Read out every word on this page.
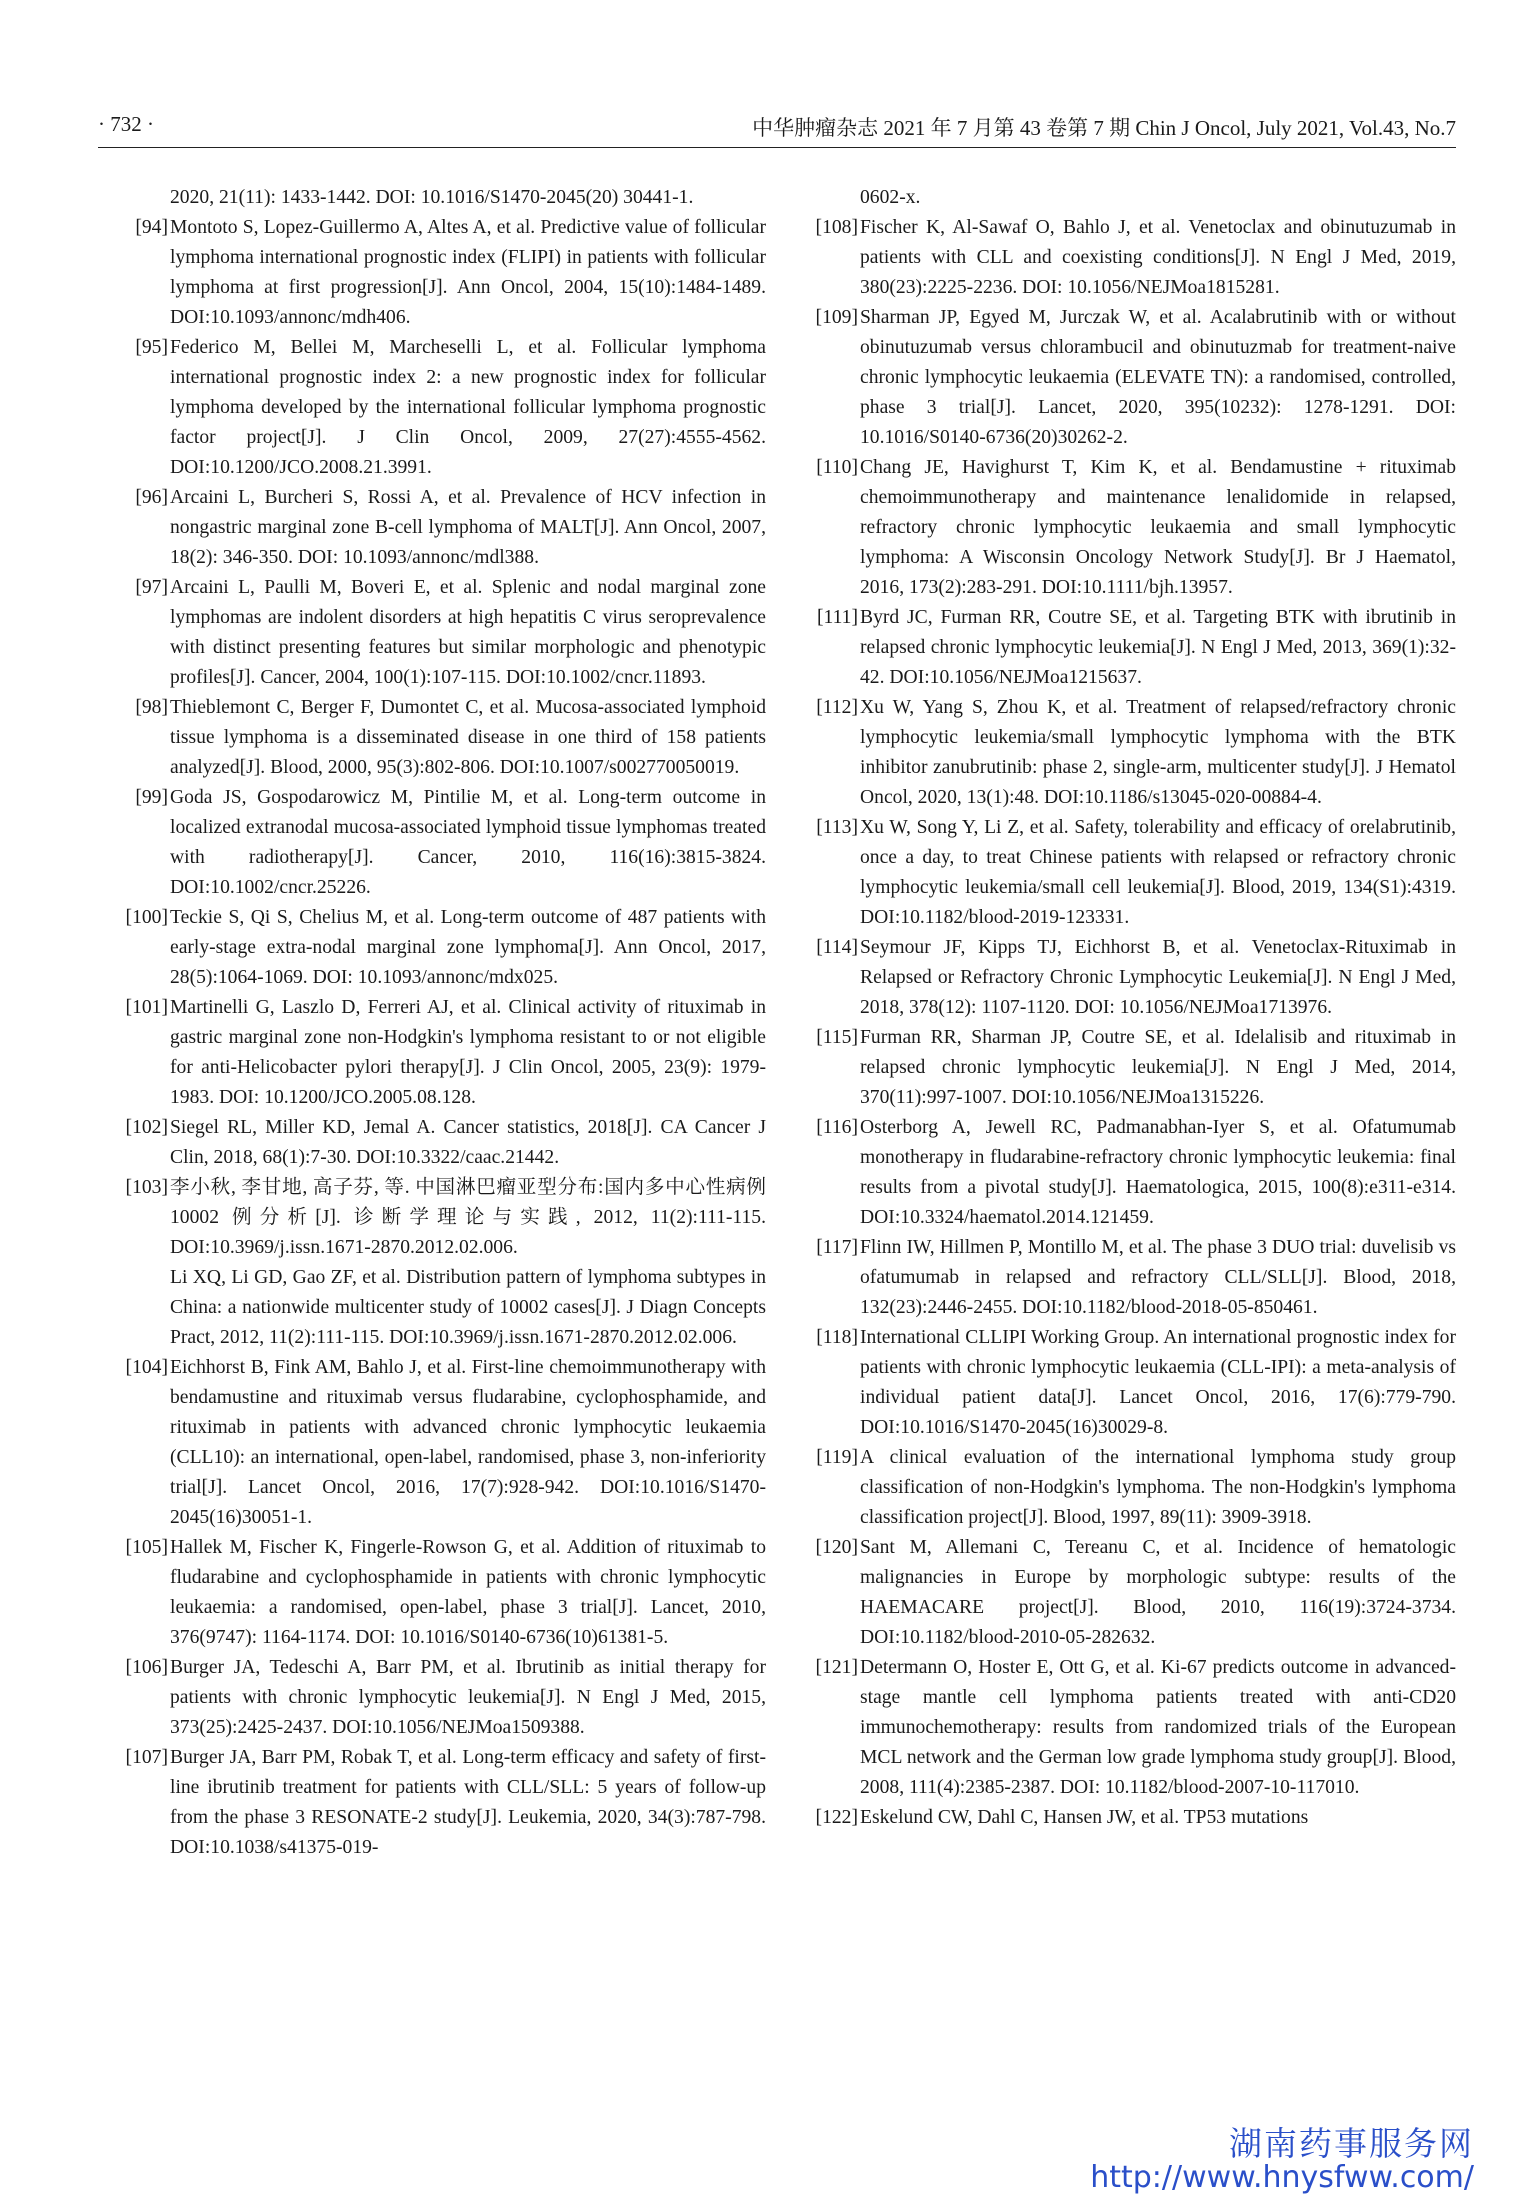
· 732 ·	中华肿瘤杂志 2021 年 7 月第 43 卷第 7 期 Chin J Oncol, July 2021, Vol.43, No.7

2020, 21(11): 1433-1442. DOI: 10.1016/S1470-2045(20) 30441-1.

[94] Montoto S, Lopez-Guillermo A, Altes A, et al. Predictive value of follicular lymphoma international prognostic index (FLIPI) in patients with follicular lymphoma at first progression[J]. Ann Oncol, 2004, 15(10):1484-1489. DOI:10.1093/annonc/mdh406.

[95] Federico M, Bellei M, Marcheselli L, et al. Follicular lymphoma international prognostic index 2: a new prognostic index for follicular lymphoma developed by the international follicular lymphoma prognostic factor project[J]. J Clin Oncol, 2009, 27(27):4555-4562. DOI:10.1200/JCO.2008.21.3991.

[96] Arcaini L, Burcheri S, Rossi A, et al. Prevalence of HCV infection in nongastric marginal zone B-cell lymphoma of MALT[J]. Ann Oncol, 2007, 18(2): 346-350. DOI: 10.1093/annonc/mdl388.

[97] Arcaini L, Paulli M, Boveri E, et al. Splenic and nodal marginal zone lymphomas are indolent disorders at high hepatitis C virus seroprevalence with distinct presenting features but similar morphologic and phenotypic profiles[J]. Cancer, 2004, 100(1):107-115. DOI:10.1002/cncr.11893.

[98] Thieblemont C, Berger F, Dumontet C, et al. Mucosa-associated lymphoid tissue lymphoma is a disseminated disease in one third of 158 patients analyzed[J]. Blood, 2000, 95(3):802-806. DOI:10.1007/s002770050019.

[99] Goda JS, Gospodarowicz M, Pintilie M, et al. Long-term outcome in localized extranodal mucosa-associated lymphoid tissue lymphomas treated with radiotherapy[J]. Cancer, 2010, 116(16):3815-3824. DOI:10.1002/cncr.25226.

[100] Teckie S, Qi S, Chelius M, et al. Long-term outcome of 487 patients with early-stage extra-nodal marginal zone lymphoma[J]. Ann Oncol, 2017, 28(5):1064-1069. DOI: 10.1093/annonc/mdx025.

[101] Martinelli G, Laszlo D, Ferreri AJ, et al. Clinical activity of rituximab in gastric marginal zone non-Hodgkin's lymphoma resistant to or not eligible for anti-Helicobacter pylori therapy[J]. J Clin Oncol, 2005, 23(9): 1979-1983. DOI: 10.1200/JCO.2005.08.128.

[102] Siegel RL, Miller KD, Jemal A. Cancer statistics, 2018[J]. CA Cancer J Clin, 2018, 68(1):7-30. DOI:10.3322/caac.21442.

[103] 李小秋, 李甘地, 高子芬, 等. 中国淋巴瘤亚型分布:国内多中心性病例 10002 例分析[J]. 诊断学理论与实践, 2012, 11(2):111-115. DOI:10.3969/j.issn.1671-2870.2012.02.006.

Li XQ, Li GD, Gao ZF, et al. Distribution pattern of lymphoma subtypes in China: a nationwide multicenter study of 10002 cases[J]. J Diagn Concepts Pract, 2012, 11(2):111-115. DOI:10.3969/j.issn.1671-2870.2012.02.006.

[104] Eichhorst B, Fink AM, Bahlo J, et al. First-line chemoimmunotherapy with bendamustine and rituximab versus fludarabine, cyclophosphamide, and rituximab in patients with advanced chronic lymphocytic leukaemia (CLL10): an international, open-label, randomised, phase 3, non-inferiority trial[J]. Lancet Oncol, 2016, 17(7):928-942. DOI:10.1016/S1470-2045(16)30051-1.

[105] Hallek M, Fischer K, Fingerle-Rowson G, et al. Addition of rituximab to fludarabine and cyclophosphamide in patients with chronic lymphocytic leukaemia: a randomised, open-label, phase 3 trial[J]. Lancet, 2010, 376(9747): 1164-1174. DOI: 10.1016/S0140-6736(10)61381-5.

[106] Burger JA, Tedeschi A, Barr PM, et al. Ibrutinib as initial therapy for patients with chronic lymphocytic leukemia[J]. N Engl J Med, 2015, 373(25):2425-2437. DOI:10.1056/NEJMoa1509388.

[107] Burger JA, Barr PM, Robak T, et al. Long-term efficacy and safety of first-line ibrutinib treatment for patients with CLL/SLL: 5 years of follow-up from the phase 3 RESONATE-2 study[J]. Leukemia, 2020, 34(3):787-798. DOI:10.1038/s41375-019-

0602-x.

[108] Fischer K, Al-Sawaf O, Bahlo J, et al. Venetoclax and obinutuzumab in patients with CLL and coexisting conditions[J]. N Engl J Med, 2019, 380(23):2225-2236. DOI: 10.1056/NEJMoa1815281.

[109] Sharman JP, Egyed M, Jurczak W, et al. Acalabrutinib with or without obinutuzumab versus chlorambucil and obinutuzmab for treatment-naive chronic lymphocytic leukaemia (ELEVATE TN): a randomised, controlled, phase 3 trial[J]. Lancet, 2020, 395(10232): 1278-1291. DOI: 10.1016/S0140-6736(20)30262-2.

[110] Chang JE, Havighurst T, Kim K, et al. Bendamustine + rituximab chemoimmunotherapy and maintenance lenalidomide in relapsed, refractory chronic lymphocytic leukaemia and small lymphocytic lymphoma: A Wisconsin Oncology Network Study[J]. Br J Haematol, 2016, 173(2):283-291. DOI:10.1111/bjh.13957.

[111] Byrd JC, Furman RR, Coutre SE, et al. Targeting BTK with ibrutinib in relapsed chronic lymphocytic leukemia[J]. N Engl J Med, 2013, 369(1):32-42. DOI:10.1056/NEJMoa1215637.

[112] Xu W, Yang S, Zhou K, et al. Treatment of relapsed/refractory chronic lymphocytic leukemia/small lymphocytic lymphoma with the BTK inhibitor zanubrutinib: phase 2, single-arm, multicenter study[J]. J Hematol Oncol, 2020, 13(1):48. DOI:10.1186/s13045-020-00884-4.

[113] Xu W, Song Y, Li Z, et al. Safety, tolerability and efficacy of orelabrutinib, once a day, to treat Chinese patients with relapsed or refractory chronic lymphocytic leukemia/small cell leukemia[J]. Blood, 2019, 134(S1):4319. DOI:10.1182/blood-2019-123331.

[114] Seymour JF, Kipps TJ, Eichhorst B, et al. Venetoclax-Rituximab in Relapsed or Refractory Chronic Lymphocytic Leukemia[J]. N Engl J Med, 2018, 378(12): 1107-1120. DOI: 10.1056/NEJMoa1713976.

[115] Furman RR, Sharman JP, Coutre SE, et al. Idelalisib and rituximab in relapsed chronic lymphocytic leukemia[J]. N Engl J Med, 2014, 370(11):997-1007. DOI:10.1056/NEJMoa1315226.

[116] Osterborg A, Jewell RC, Padmanabhan-Iyer S, et al. Ofatumumab monotherapy in fludarabine-refractory chronic lymphocytic leukemia: final results from a pivotal study[J]. Haematologica, 2015, 100(8):e311-e314. DOI:10.3324/haematol.2014.121459.

[117] Flinn IW, Hillmen P, Montillo M, et al. The phase 3 DUO trial: duvelisib vs ofatumumab in relapsed and refractory CLL/SLL[J]. Blood, 2018, 132(23):2446-2455. DOI:10.1182/blood-2018-05-850461.

[118] International CLLIPI Working Group. An international prognostic index for patients with chronic lymphocytic leukaemia (CLL-IPI): a meta-analysis of individual patient data[J]. Lancet Oncol, 2016, 17(6):779-790. DOI:10.1016/S1470-2045(16)30029-8.

[119] A clinical evaluation of the international lymphoma study group classification of non-Hodgkin's lymphoma. The non-Hodgkin's lymphoma classification project[J]. Blood, 1997, 89(11): 3909-3918.

[120] Sant M, Allemani C, Tereanu C, et al. Incidence of hematologic malignancies in Europe by morphologic subtype: results of the HAEMACARE project[J]. Blood, 2010, 116(19):3724-3734. DOI:10.1182/blood-2010-05-282632.

[121] Determann O, Hoster E, Ott G, et al. Ki-67 predicts outcome in advanced-stage mantle cell lymphoma patients treated with anti-CD20 immunochemotherapy: results from randomized trials of the European MCL network and the German low grade lymphoma study group[J]. Blood, 2008, 111(4):2385-2387. DOI: 10.1182/blood-2007-10-117010.

[122] Eskelund CW, Dahl C, Hansen JW, et al. TP53 mutations

湖南药事服务网
http://www.hnysfww.com/
